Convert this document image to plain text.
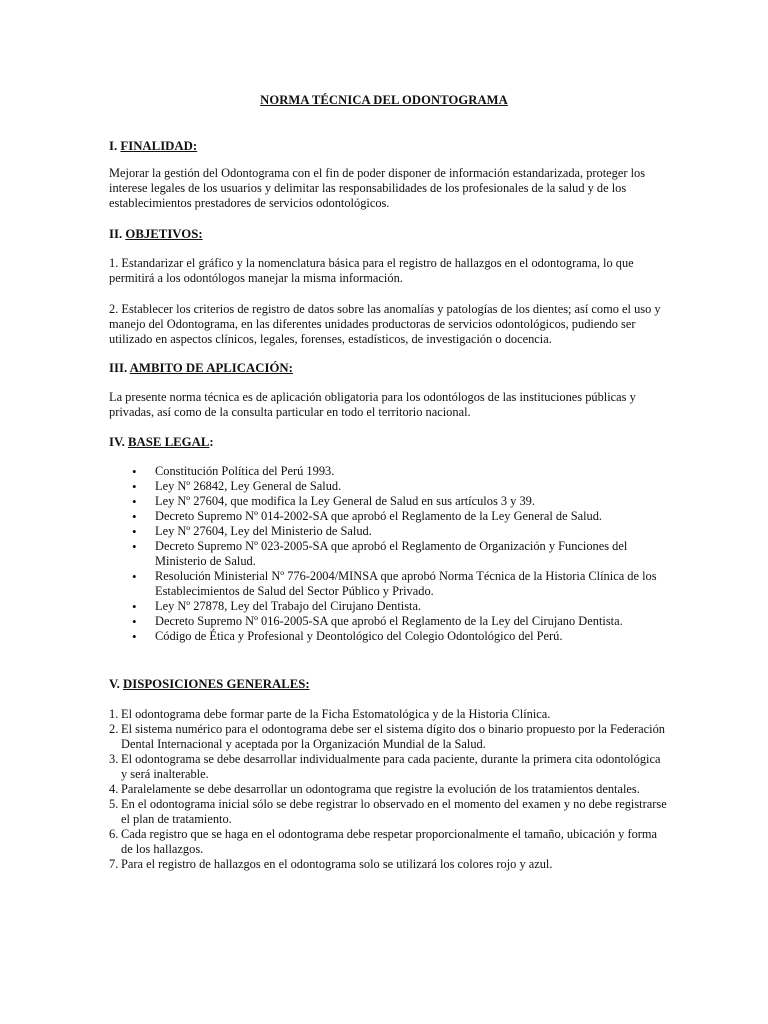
NORMA TÉCNICA DEL ODONTOGRAMA
I. FINALIDAD:

Mejorar la gestión del Odontograma con el fin de poder disponer de información estandarizada, proteger los interese legales de los usuarios y delimitar las responsabilidades de los profesionales de la salud y de los establecimientos prestadores de servicios odontológicos.

II. OBJETIVOS:

1. Estandarizar el gráfico y la nomenclatura básica para el registro de hallazgos en el odontograma, lo que permitirá a los odontólogos manejar la misma información.

2. Establecer los criterios de registro de datos sobre las anomalías y patologías de los dientes; así como el uso y manejo del Odontograma, en las diferentes unidades productoras de servicios odontológicos, pudiendo ser utilizado en aspectos clínicos, legales, forenses, estadísticos, de investigación o docencia.

III. AMBITO DE APLICACIÓN:

La presente norma técnica es de aplicación obligatoria para los odontólogos de las instituciones públicas y privadas, así como de la consulta particular en todo el territorio nacional.

IV. BASE LEGAL:
• Constitución Política del Perú 1993.
• Ley Nº 26842, Ley General de Salud.
• Ley Nº 27604, que modifica la Ley General de Salud en sus artículos 3 y 39.
• Decreto Supremo Nº 014-2002-SA que aprobó el Reglamento de la Ley General de Salud.
• Ley Nº 27604, Ley del Ministerio de Salud.
• Decreto Supremo Nº 023-2005-SA que aprobó el Reglamento de Organización y Funciones del Ministerio de Salud.
• Resolución Ministerial Nº 776-2004/MINSA que aprobó Norma Técnica de la Historia Clínica de los Establecimientos de Salud del Sector Público y Privado.
• Ley Nº 27878, Ley del Trabajo del Cirujano Dentista.
• Decreto Supremo Nº 016-2005-SA que aprobó el Reglamento de la Ley del Cirujano Dentista.
• Código de Ética y Profesional y Deontológico del Colegio Odontológico del Perú.
V. DISPOSICIONES GENERALES:
1. El odontograma debe formar parte de la Ficha Estomatológica y de la Historia Clínica.
2. El sistema numérico para el odontograma debe ser el sistema dígito dos o binario propuesto por la Federación Dental Internacional y aceptada por la Organización Mundial de la Salud.
3. El odontograma se debe desarrollar individualmente para cada paciente, durante la primera cita odontológica y será inalterable.
4. Paralelamente se debe desarrollar un odontograma que registre la evolución de los tratamientos dentales.
5. En el odontograma inicial sólo se debe registrar lo observado en el momento del examen y no debe registrarse el plan de tratamiento.
6. Cada registro que se haga en el odontograma debe respetar proporcionalmente el tamaño, ubicación y forma de los hallazgos.
7. Para el registro de hallazgos en el odontograma solo se utilizará los colores rojo y azul.
